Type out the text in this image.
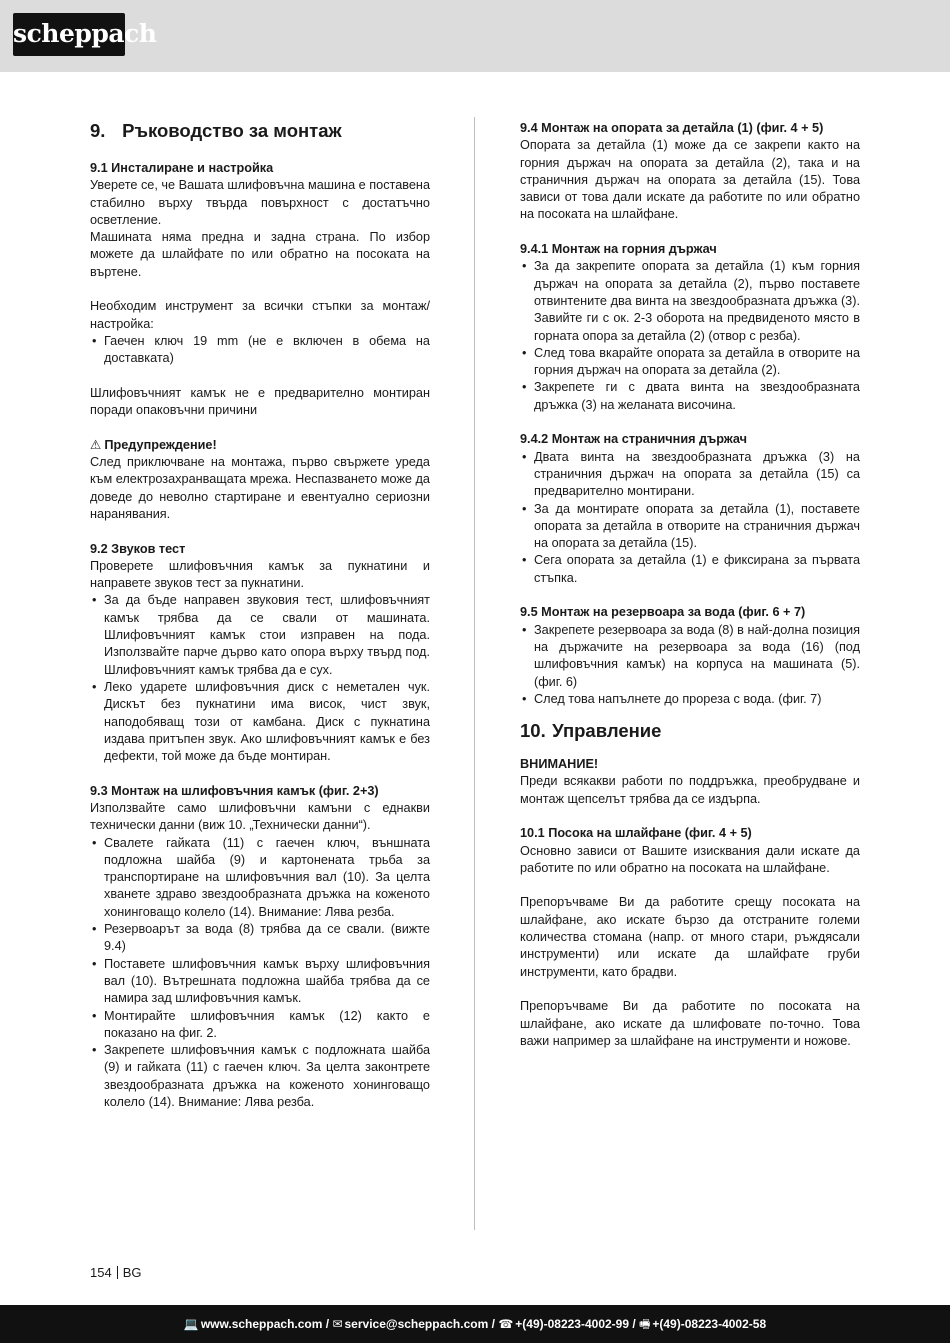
scheppach
9. Ръководство за монтаж
9.1 Инсталиране и настройка

Уверете се, че Вашата шлифовъчна машина е поставена стабилно върху твърда повърхност с достатъчно осветление.

Машината няма предна и задна страна. По избор можете да шлайфате по или обратно на посоката на въртене.

Необходим инструмент за всички стъпки за монтаж/настройка:

• Гаечен ключ 19 mm (не е включен в обема на доставката)

Шлифовъчният камък не е предварително монтиран поради опаковъчни причини

⚠ Предупреждение!

След приключване на монтажа, първо свържете уреда към електрозахранващата мрежа. Неспазването може да доведе до неволно стартиране и евентуално сериозни наранявания.

9.2 Звуков тест

Проверете шлифовъчния камък за пукнатини и направете звуков тест за пукнатини.

• За да бъде направен звуковия тест, шлифовъчният камък трябва да се свали от машината. Шлифовъчният камък стои изправен на пода. Използвайте парче дърво като опора върху твърд под. Шлифовъчният камък трябва да е сух.
• Леко ударете шлифовъчния диск с неметален чук. Дискът без пукнатини има висок, чист звук, наподобяващ този от камбана. Диск с пукнатина издава притъпен звук. Ако шлифовъчният камък е без дефекти, той може да бъде монтиран.
9.3 Монтаж на шлифовъчния камък (фиг. 2+3)

Използвайте само шлифовъчни камъни с еднакви технически данни (виж 10. „Технически данни“).

• Свалете гайката (11) с гаечен ключ, външната подложна шайба (9) и картонената трьба за транспортиране на шлифовъчния вал (10). За целта хванете здраво звездообразната дръжка на коженото хонинговащо колело (14). Внимание: Лява резба.
• Резервоарът за вода (8) трябва да се свали. (вижте 9.4)
• Поставете шлифовъчния камък върху шлифовъчния вал (10). Вътрешната подложна шайба трябва да се намира зад шлифовъчния камък.
• Монтирайте шлифовъчния камък (12) както е показано на фиг. 2.
• Закрепете шлифовъчния камък с подложната шайба (9) и гайката (11) с гаечен ключ. За целта законтрете звездообразната дръжка на коженото хонинговащо колело (14). Внимание: Лява резба.
9.4 Монтаж на опората за детайла (1) (фиг. 4 + 5)

Опората за детайла (1) може да се закрепи както на горния държач на опората за детайла (2), така и на страничния държач на опората за детайла (15). Това зависи от това дали искате да работите по или обратно на посоката на шлайфане.

9.4.1 Монтаж на горния държач
• За да закрепите опората за детайла (1) към горния държач на опората за детайла (2), първо поставете отвинтените два винта на звездообразната дръжка (3). Завийте ги с ок. 2-3 оборота на предвиденото място в горната опора за детайла (2) (отвор с резба).
• След това вкарайте опората за детайла в отворите на горния държач на опората за детайла (2).
• Закрепете ги с двата винта на звездообразната дръжка (3) на желаната височина.
9.4.2 Монтаж на страничния държач
• Двата винта на звездообразната дръжка (3) на страничния държач на опората за детайла (15) са предварително монтирани.
• За да монтирате опората за детайла (1), поставете опората за детайла в отворите на страничния държач на опората за детайла (15).
• Сега опората за детайла (1) е фиксирана за първата стъпка.
9.5 Монтаж на резервоара за вода (фиг. 6 + 7)
• Закрепете резервоара за вода (8) в най-долна позиция на държачите на резервоара за вода (16) (под шлифовъчния камък) на корпуса на машината (5). (фиг. 6)
• След това напълнете до прореза с вода. (фиг. 7)
10. Управление
ВНИМАНИЕ!

Преди всякакви работи по поддръжка, преобрудване и монтаж щепселът трябва да се издърпа.

10.1 Посока на шлайфане (фиг. 4 + 5)

Основно зависи от Вашите изисквания дали искате да работите по или обратно на посоката на шлайфане.

Препоръчваме Ви да работите срещу посоката на шлайфане, ако искате бързо да отстраните големи количества стомана (напр. от много стари, ръждясали инструменти) или искате да шлайфате груби инструменти, като брадви.

Препоръчваме Ви да работите по посоката на шлайфане, ако искате да шлифовате по-точно. Това важи например за шлайфане на инструменти и ножове.

154 BG
💻 www.scheppach.com / ✉ service@scheppach.com / ☎ +(49)-08223-4002-99 / 🖷 +(49)-08223-4002-58
